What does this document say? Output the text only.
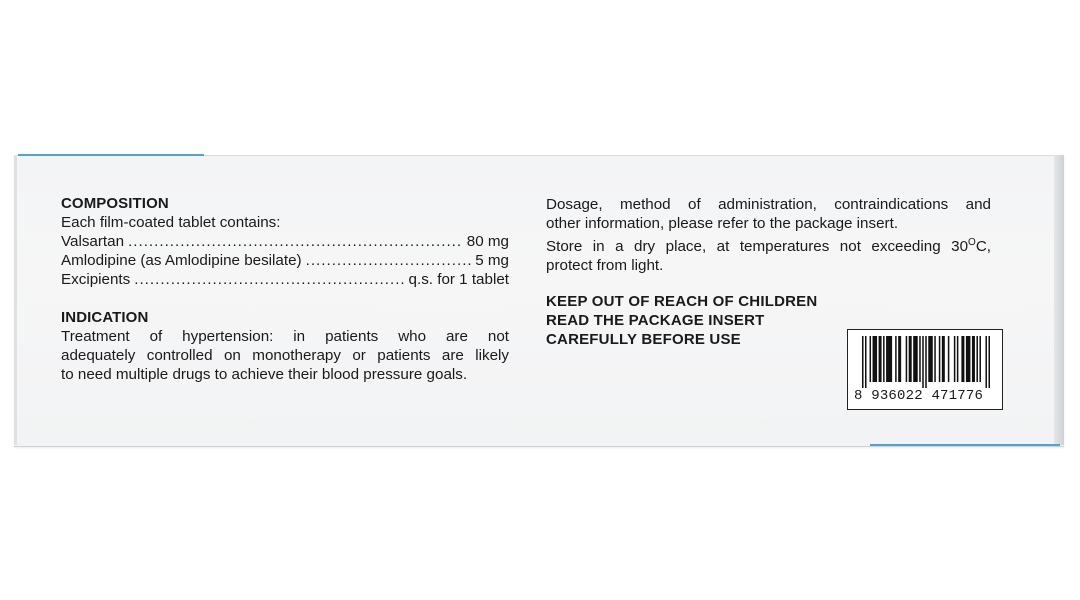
COMPOSITION
Each film-coated tablet contains:
Valsartan .....	80 mg
Amlodipine (as Amlodipine besilate) .....	5 mg
Excipients .....	q.s. for 1 tablet
INDICATION
Treatment of hypertension: in patients who are not
adequately controlled on monotherapy or patients are likely
to need multiple drugs to achieve their blood pressure goals.
Dosage, method of administration, contraindications and
other information, please refer to the package insert.
Store in a dry place, at temperatures not exceeding $30^OC$,
protect from light.
KEEP OUT OF REACH OF CHILDREN
READ THE PACKAGE INSERT
CAREFULLY BEFORE USE
8 936022 471776
